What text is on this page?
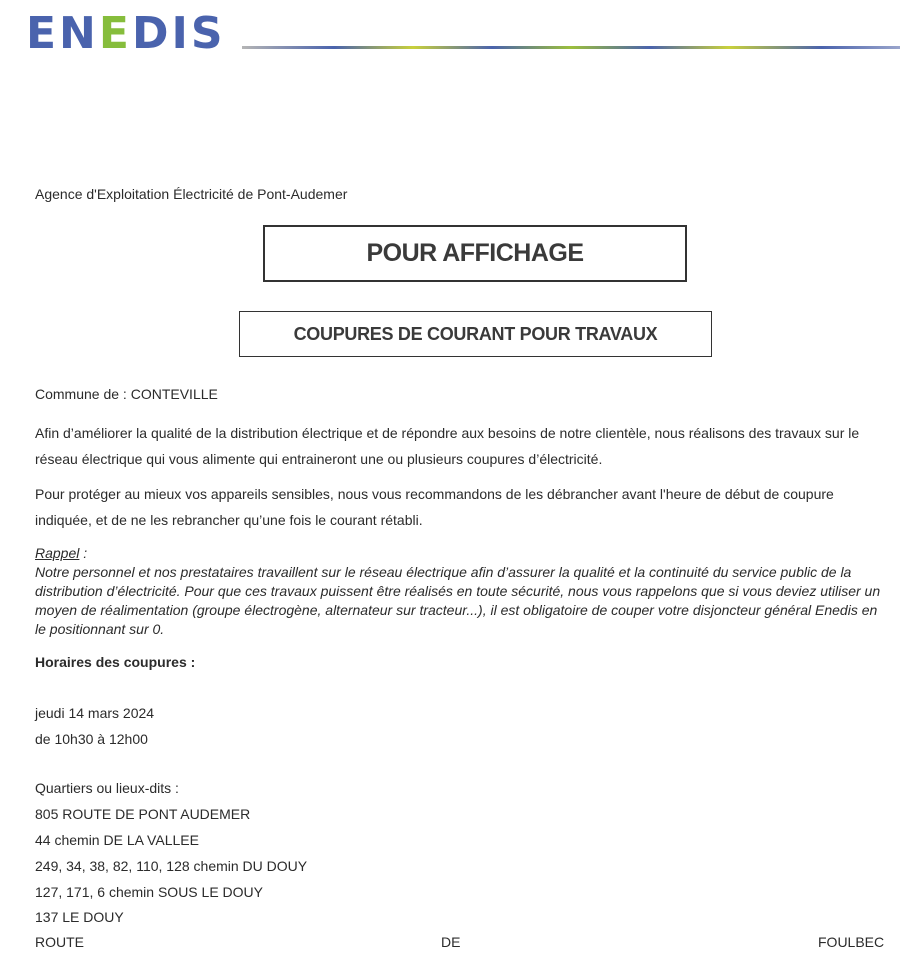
ENEDIS
Agence d'Exploitation Électricité de Pont-Audemer
POUR AFFICHAGE
COUPURES DE COURANT POUR TRAVAUX
Commune de : CONTEVILLE
Afin d’améliorer la qualité de la distribution électrique et de répondre aux besoins de notre clientèle, nous réalisons des travaux sur le réseau électrique qui vous alimente qui entraineront une ou plusieurs coupures d’électricité.
Pour protéger au mieux vos appareils sensibles, nous vous recommandons de les débrancher avant l'heure de début de coupure indiquée, et de ne les rebrancher qu’une fois le courant rétabli.
Rappel :
Notre personnel et nos prestataires travaillent sur le réseau électrique afin d’assurer la qualité et la continuité du service public de la distribution d’électricité. Pour que ces travaux puissent être réalisés en toute sécurité, nous vous rappelons que si vous deviez utiliser un moyen de réalimentation (groupe électrogène, alternateur sur tracteur...), il est obligatoire de couper votre disjoncteur général Enedis en le positionnant sur 0.
Horaires des coupures :
jeudi 14 mars 2024
de 10h30 à 12h00
Quartiers ou lieux-dits :
805 ROUTE DE PONT AUDEMER
44 chemin DE LA VALLEE
249, 34, 38, 82, 110, 128 chemin DU DOUY
127, 171, 6 chemin SOUS LE DOUY
137 LE DOUY
ROUTE	DE	FOULBEC
